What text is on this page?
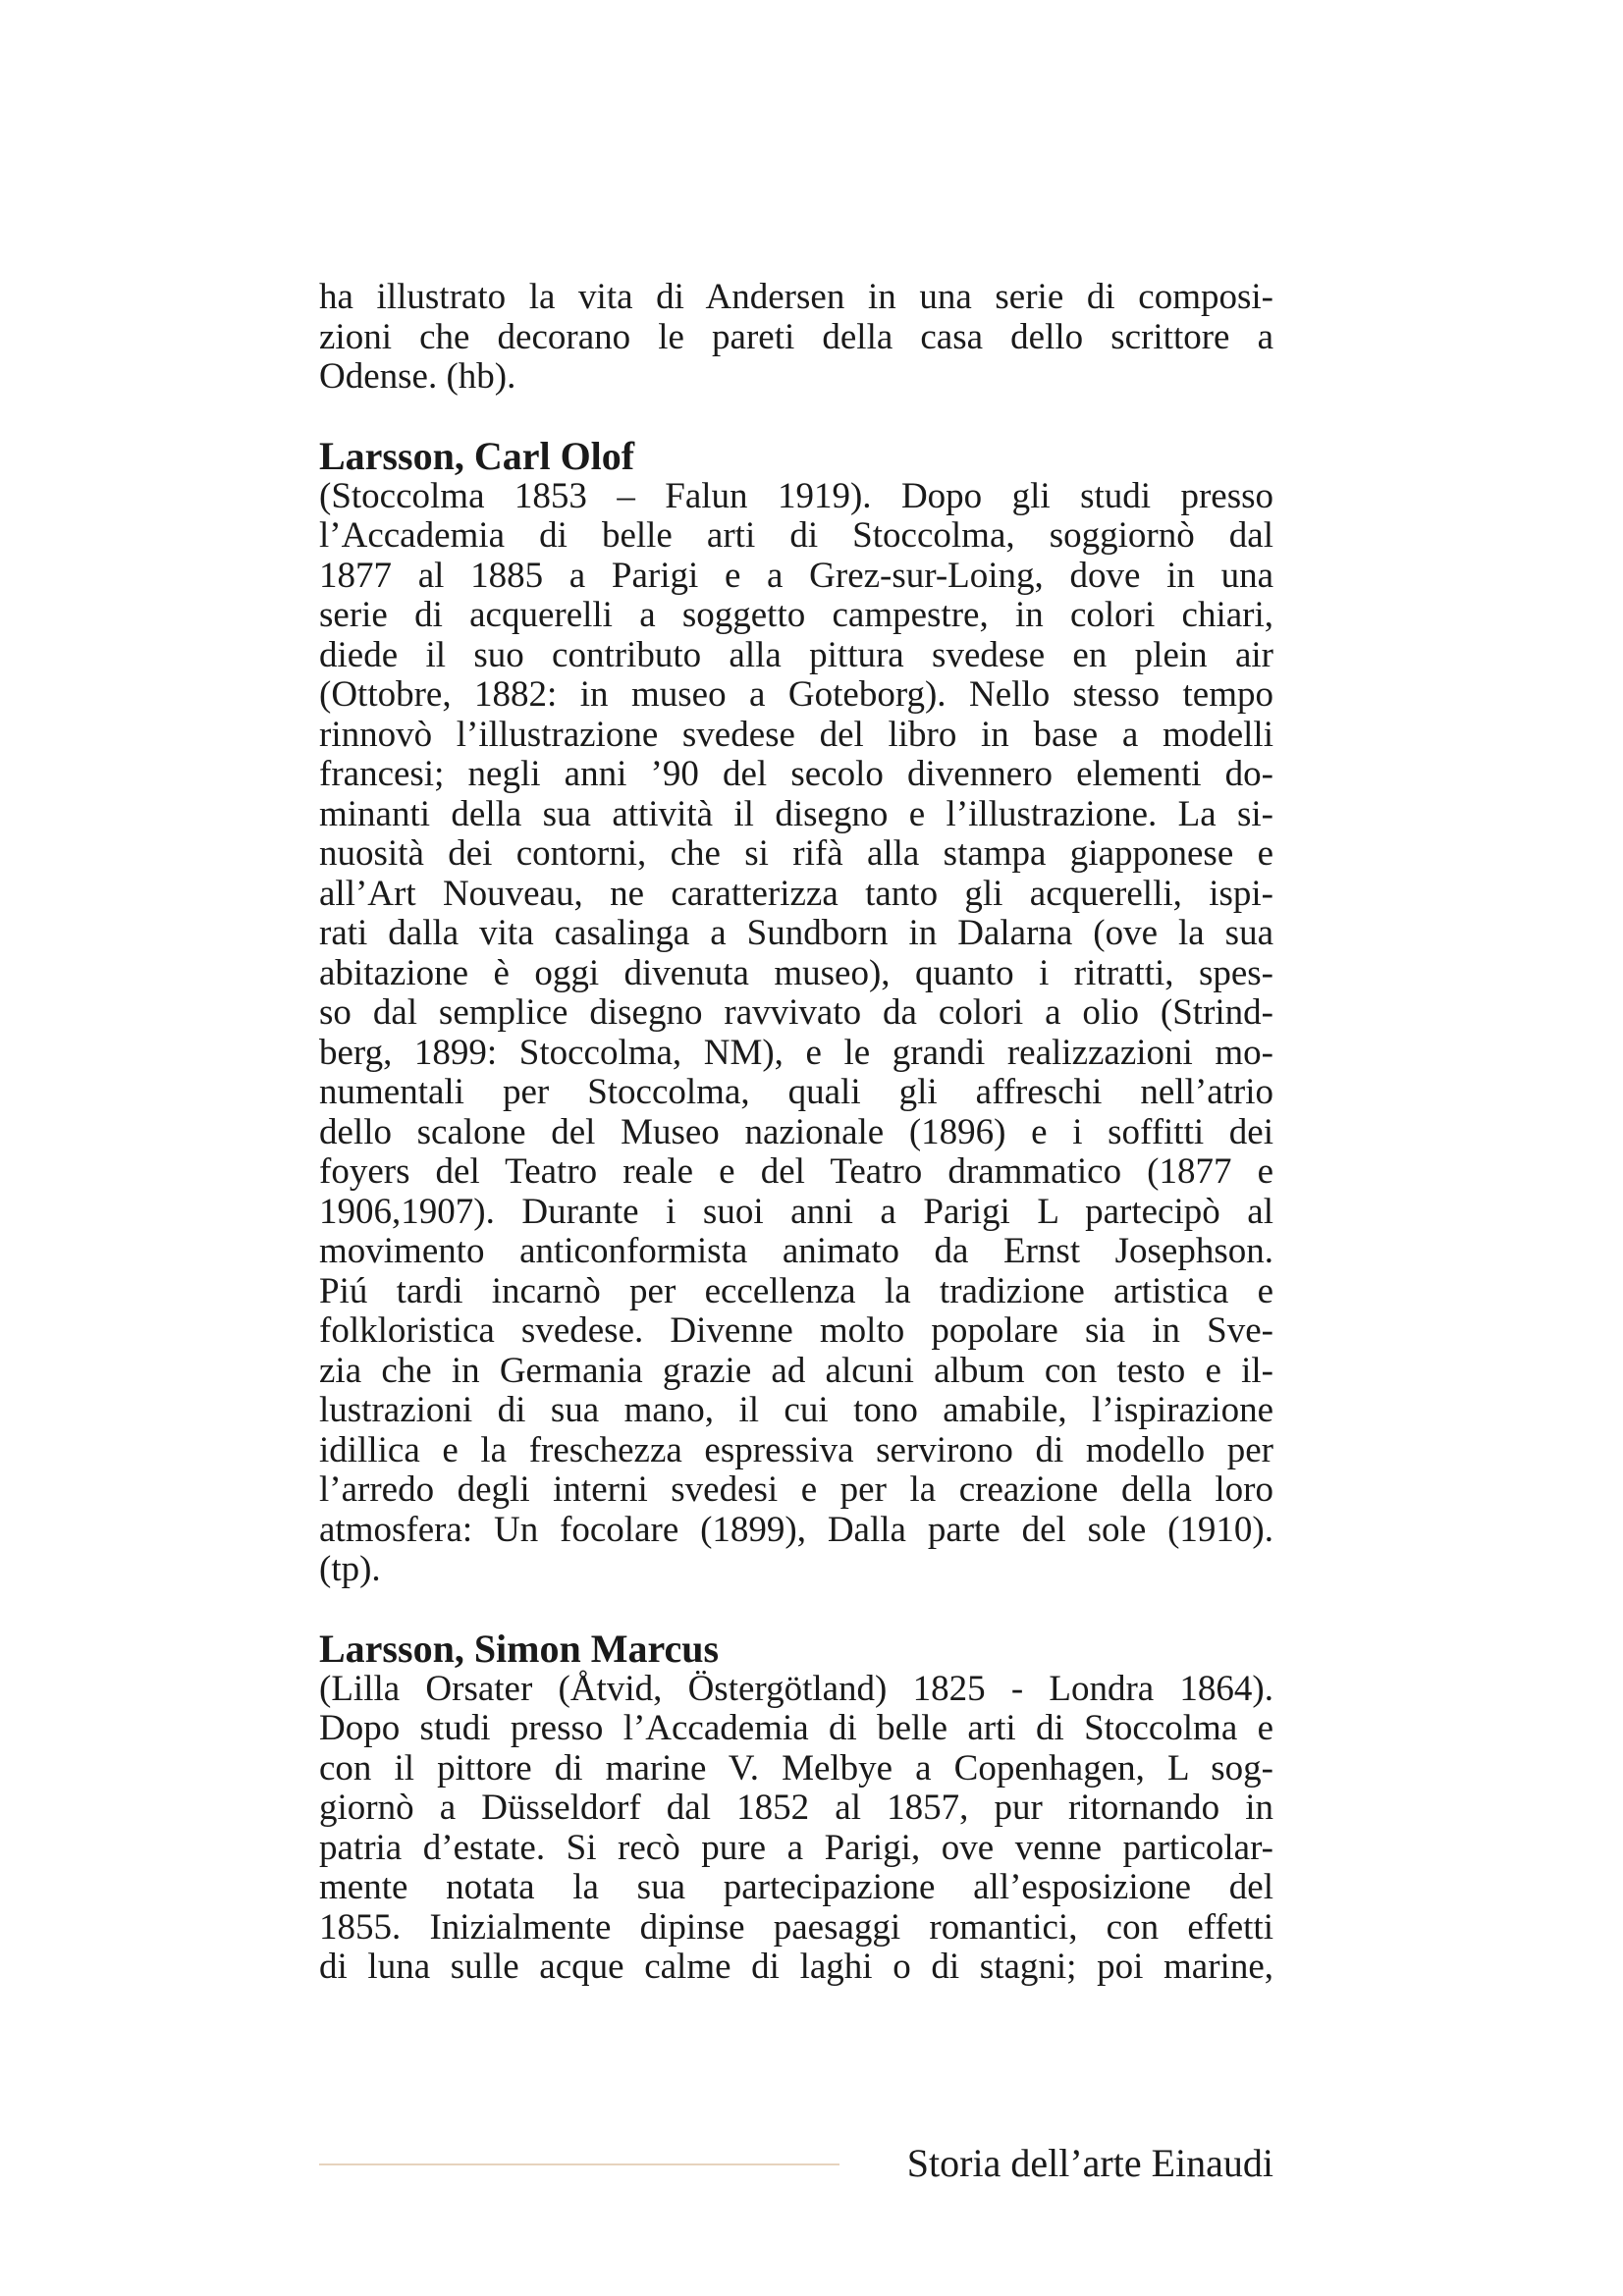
ha illustrato la vita di Andersen in una serie di composi-
zioni che decorano le pareti della casa dello scrittore a
Odense. (hb).
Larsson, Carl Olof
(Stoccolma 1853 – Falun 1919). Dopo gli studi presso
l’Accademia di belle arti di Stoccolma, soggiornò dal
1877 al 1885 a Parigi e a Grez-sur-Loing, dove in una
serie di acquerelli a soggetto campestre, in colori chiari,
diede il suo contributo alla pittura svedese en plein air
(Ottobre, 1882: in museo a Goteborg). Nello stesso tempo
rinnovò l’illustrazione svedese del libro in base a modelli
francesi; negli anni ’90 del secolo divennero elementi do-
minanti della sua attività il disegno e l’illustrazione. La si-
nuosità dei contorni, che si rifà alla stampa giapponese e
all’Art Nouveau, ne caratterizza tanto gli acquerelli, ispi-
rati dalla vita casalinga a Sundborn in Dalarna (ove la sua
abitazione è oggi divenuta museo), quanto i ritratti, spes-
so dal semplice disegno ravvivato da colori a olio (Strind-
berg, 1899: Stoccolma, NM), e le grandi realizzazioni mo-
numentali per Stoccolma, quali gli affreschi nell’atrio
dello scalone del Museo nazionale (1896) e i soffitti dei
foyers del Teatro reale e del Teatro drammatico (1877 e
1906,1907). Durante i suoi anni a Parigi L partecipò al
movimento anticonformista animato da Ernst Josephson.
Piú tardi incarnò per eccellenza la tradizione artistica e
folkloristica svedese. Divenne molto popolare sia in Sve-
zia che in Germania grazie ad alcuni album con testo e il-
lustrazioni di sua mano, il cui tono amabile, l’ispirazione
idillica e la freschezza espressiva servirono di modello per
l’arredo degli interni svedesi e per la creazione della loro
atmosfera: Un focolare (1899), Dalla parte del sole (1910).
(tp).
Larsson, Simon Marcus
(Lilla Orsater (Åtvid, Östergötland) 1825 - Londra 1864).
Dopo studi presso l’Accademia di belle arti di Stoccolma e
con il pittore di marine V. Melbye a Copenhagen, L sog-
giornò a Düsseldorf dal 1852 al 1857, pur ritornando in
patria d’estate. Si recò pure a Parigi, ove venne particolar-
mente notata la sua partecipazione all’esposizione del
1855. Inizialmente dipinse paesaggi romantici, con effetti
di luna sulle acque calme di laghi o di stagni; poi marine,
Storia dell’arte Einaudi
